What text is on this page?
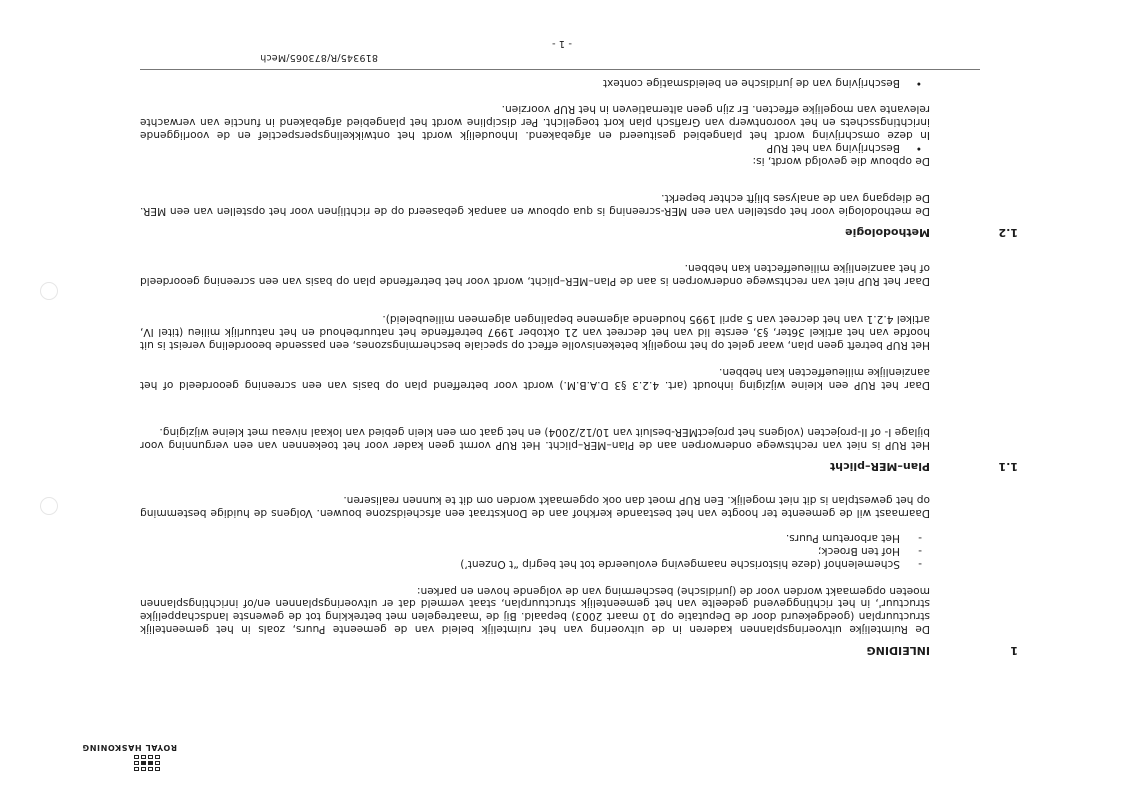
ROYAL HASKONING
1
INLEIDING

De Ruimtelijke uitvoeringsplannen kaderen in de uitvoering van het ruimtelijk beleid van de gemeente Puurs, zoals in het gemeentelijk structuurplan (goedgekeurd door de Deputatie op 10 maart 2003) bepaald. Bij de 'maatregelen met betrekking tot de gewenste landschappelijke structuur', in het richtinggevend gedeelte van het gemeentelijk structuurplan, staat vermeld dat er uitvoeringsplannen en/of inrichtingsplannen moeten opgemaakt worden voor de (juridische) bescherming van de volgende hoven en parken:

-
Schemelenhof (deze historische naamgeving evolueerde tot het begrip “t Onzent’)
-
Hof ten Broeck;
-
Het arboretum Puurs.

Daarnaast wil de gemeente ter hoogte van het bestaande kerkhof aan de Donkstraat een afscheidszone bouwen. Volgens de huidige bestemming op het gewestplan is dit niet mogelijk. Een RUP moet dan ook opgemaakt worden om dit te kunnen realiseren.

1.1
Plan–MER–plicht

Het RUP is niet van rechtswege onderworpen aan de Plan–MER–plicht. Het RUP vormt geen kader voor het toekennen van een vergunning voor bijlage I- of II-projecten (volgens het projectMER-besluit van 10/12/2004) en het gaat om een klein gebied van lokaal niveau met kleine wijziging.

Daar het RUP een kleine wijziging inhoudt (art. 4.2.3 §3 D.A.B.M.) wordt voor betreffend plan op basis van een screening geoordeeld of het aanzienlijke milieueffecten kan hebben.

Het RUP betreft geen plan, waar gelet op het mogelijk betekenisvolle effect op speciale beschermingszones, een passende beoordeling vereist is uit hoofde van het artikel 36ter, §3, eerste lid van het decreet van 21 oktober 1997 betreffende het natuurbehoud en het natuurlijk milieu (titel IV, artikel 4.2.1 van het decreet van 5 april 1995 houdende algemene bepalingen algemeen milieubeleid).

Daar het RUP niet van rechtswege onderworpen is aan de Plan–MER–plicht, wordt voor het betreffende plan op basis van een screening geoordeeld of het aanzienlijke milieueffecten kan hebben.

1.2
Methodologie

De methodologie voor het opstellen van een MER-screening is qua opbouw en aanpak gebaseerd op de richtlijnen voor het opstellen van een MER. De diepgang van de analyses blijft echter beperkt.

De opbouw die gevolgd wordt, is:

•
Beschrijving van het RUP

In deze omschrijving wordt het plangebied gesitueerd en afgebakend. Inhoudelijk wordt het ontwikkelingsperspectief en de voorliggende inrichtingsschets en het voorontwerp van Grafisch plan kort toegelicht. Per discipline wordt het plangebied afgebakend in functie van verwachte relevante van mogelijke effecten. Er zijn geen alternatieven in het RUP voorzien.

•
Beschrijving van de juridische en beleidsmatige context
819345/R/873065/Mech
- 1 -
